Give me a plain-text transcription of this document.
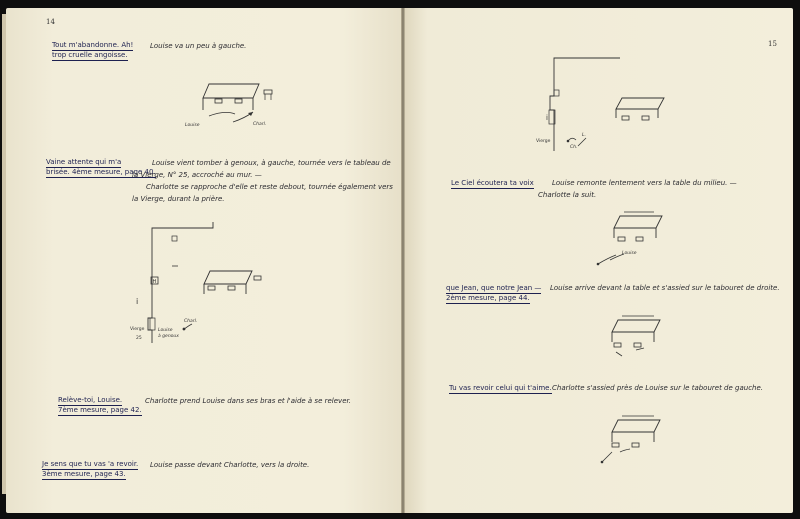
14
Tout m'abandonne. Ah!
trop cruelle angoisse.
Louise va un peu à gauche.
Louise	Charl.
Vaine attente qui m'a
brisée. 4ème mesure, page 40.
Louise vient tomber à genoux, à gauche, tournée vers le tableau de
la Vierge, N° 25, accroché au mur. —
Charlotte se rapproche d'elle et reste debout, tournée également vers
la Vierge, durant la prière.
H
i
Vierge
25
Louise
à genoux
Charl.
Relève-toi, Louise.
7ème mesure, page 42.
Charlotte prend Louise dans ses bras et l'aide à se relever.
Je sens que tu vas 'a revoir.
3ème mesure, page 43.
Louise passe devant Charlotte, vers la droite.
15
i
Vierge
Ch.
L.
Le Ciel écoutera ta voix	Louise remonte lentement vers la table du milieu. —
Charlotte la suit.
Louise
que Jean, que notre Jean —
2ème mesure, page 44.
Louise arrive devant la table et s'assied sur le tabouret de droite.
Tu vas revoir celui qui t'aime. Charlotte s'assied près de Louise sur le tabouret de gauche.
